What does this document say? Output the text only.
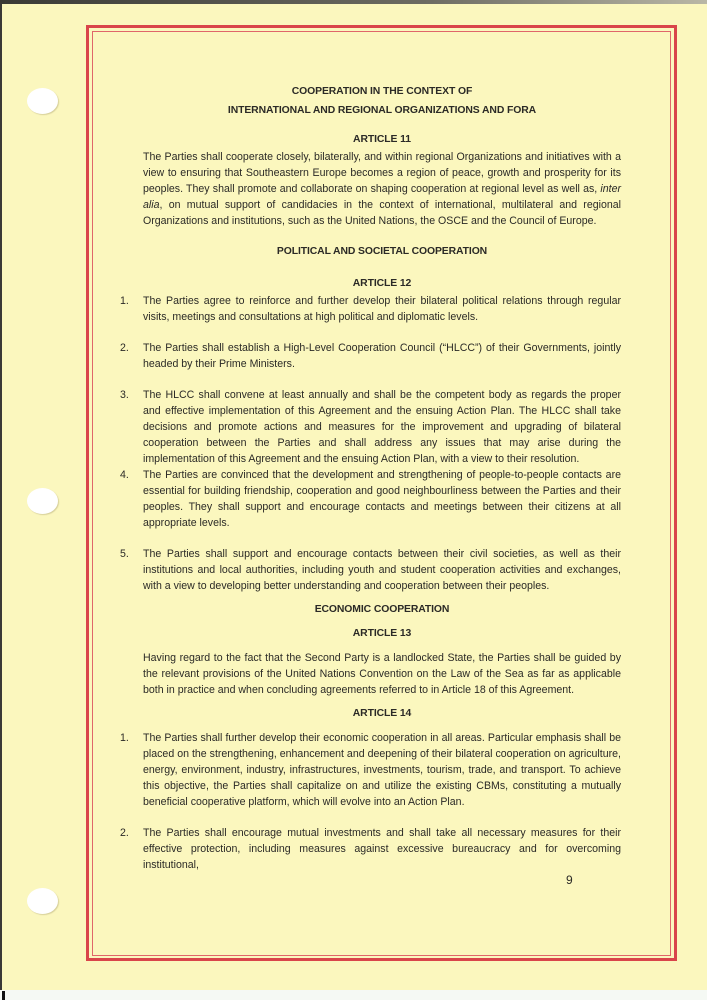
COOPERATION IN THE CONTEXT OF
INTERNATIONAL AND REGIONAL ORGANIZATIONS AND FORA
ARTICLE 11
The Parties shall cooperate closely, bilaterally, and within regional Organizations and initiatives with a view to ensuring that Southeastern Europe becomes a region of peace, growth and prosperity for its peoples. They shall promote and collaborate on shaping cooperation at regional level as well as, inter alia, on mutual support of candidacies in the context of international, multilateral and regional Organizations and institutions, such as the United Nations, the OSCE and the Council of Europe.
POLITICAL AND SOCIETAL COOPERATION
ARTICLE 12
1. The Parties agree to reinforce and further develop their bilateral political relations through regular visits, meetings and consultations at high political and diplomatic levels.
2. The Parties shall establish a High-Level Cooperation Council (“HLCC”) of their Governments, jointly headed by their Prime Ministers.
3. The HLCC shall convene at least annually and shall be the competent body as regards the proper and effective implementation of this Agreement and the ensuing Action Plan. The HLCC shall take decisions and promote actions and measures for the improvement and upgrading of bilateral cooperation between the Parties and shall address any issues that may arise during the implementation of this Agreement and the ensuing Action Plan, with a view to their resolution.
4. The Parties are convinced that the development and strengthening of people-to-people contacts are essential for building friendship, cooperation and good neighbourliness between the Parties and their peoples. They shall support and encourage contacts and meetings between their citizens at all appropriate levels.
5. The Parties shall support and encourage contacts between their civil societies, as well as their institutions and local authorities, including youth and student cooperation activities and exchanges, with a view to developing better understanding and cooperation between their peoples.
ECONOMIC COOPERATION
ARTICLE 13
Having regard to the fact that the Second Party is a landlocked State, the Parties shall be guided by the relevant provisions of the United Nations Convention on the Law of the Sea as far as applicable both in practice and when concluding agreements referred to in Article 18 of this Agreement.
ARTICLE 14
1. The Parties shall further develop their economic cooperation in all areas. Particular emphasis shall be placed on the strengthening, enhancement and deepening of their bilateral cooperation on agriculture, energy, environment, industry, infrastructures, investments, tourism, trade, and transport. To achieve this objective, the Parties shall capitalize on and utilize the existing CBMs, constituting a mutually beneficial cooperative platform, which will evolve into an Action Plan.
2. The Parties shall encourage mutual investments and shall take all necessary measures for their effective protection, including measures against excessive bureaucracy and for overcoming institutional,
9
